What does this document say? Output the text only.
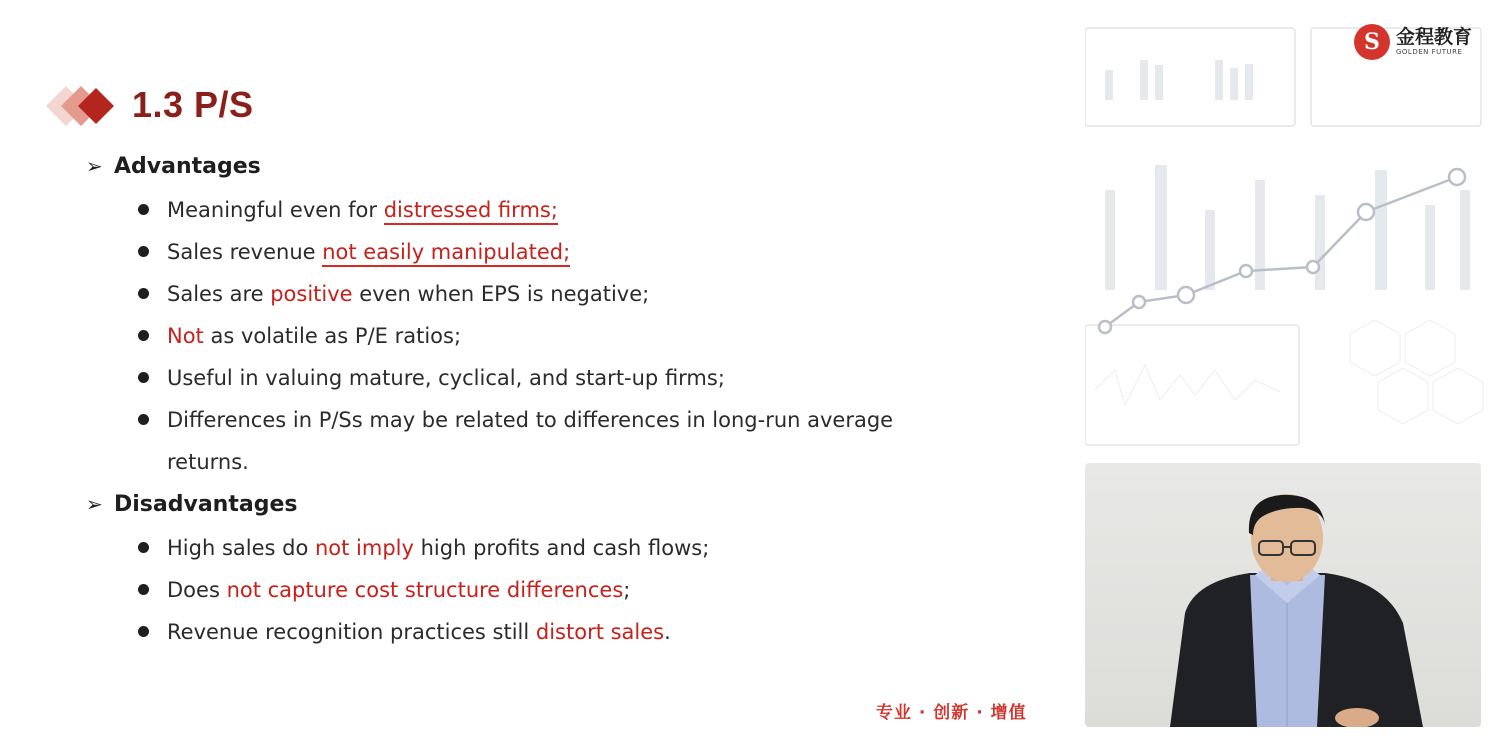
1.3 P/S
➢ Advantages
Meaningful even for distressed firms;
Sales revenue not easily manipulated;
Sales are positive even when EPS is negative;
Not as volatile as P/E ratios;
Useful in valuing mature, cyclical, and start-up firms;
Differences in P/Ss may be related to differences in long-run average
returns.
➢ Disadvantages
High sales do not imply high profits and cash flows;
Does not capture cost structure differences;
Revenue recognition practices still distort sales.
专业 · 创新 · 增值
S 金程教育
GOLDEN FUTURE
